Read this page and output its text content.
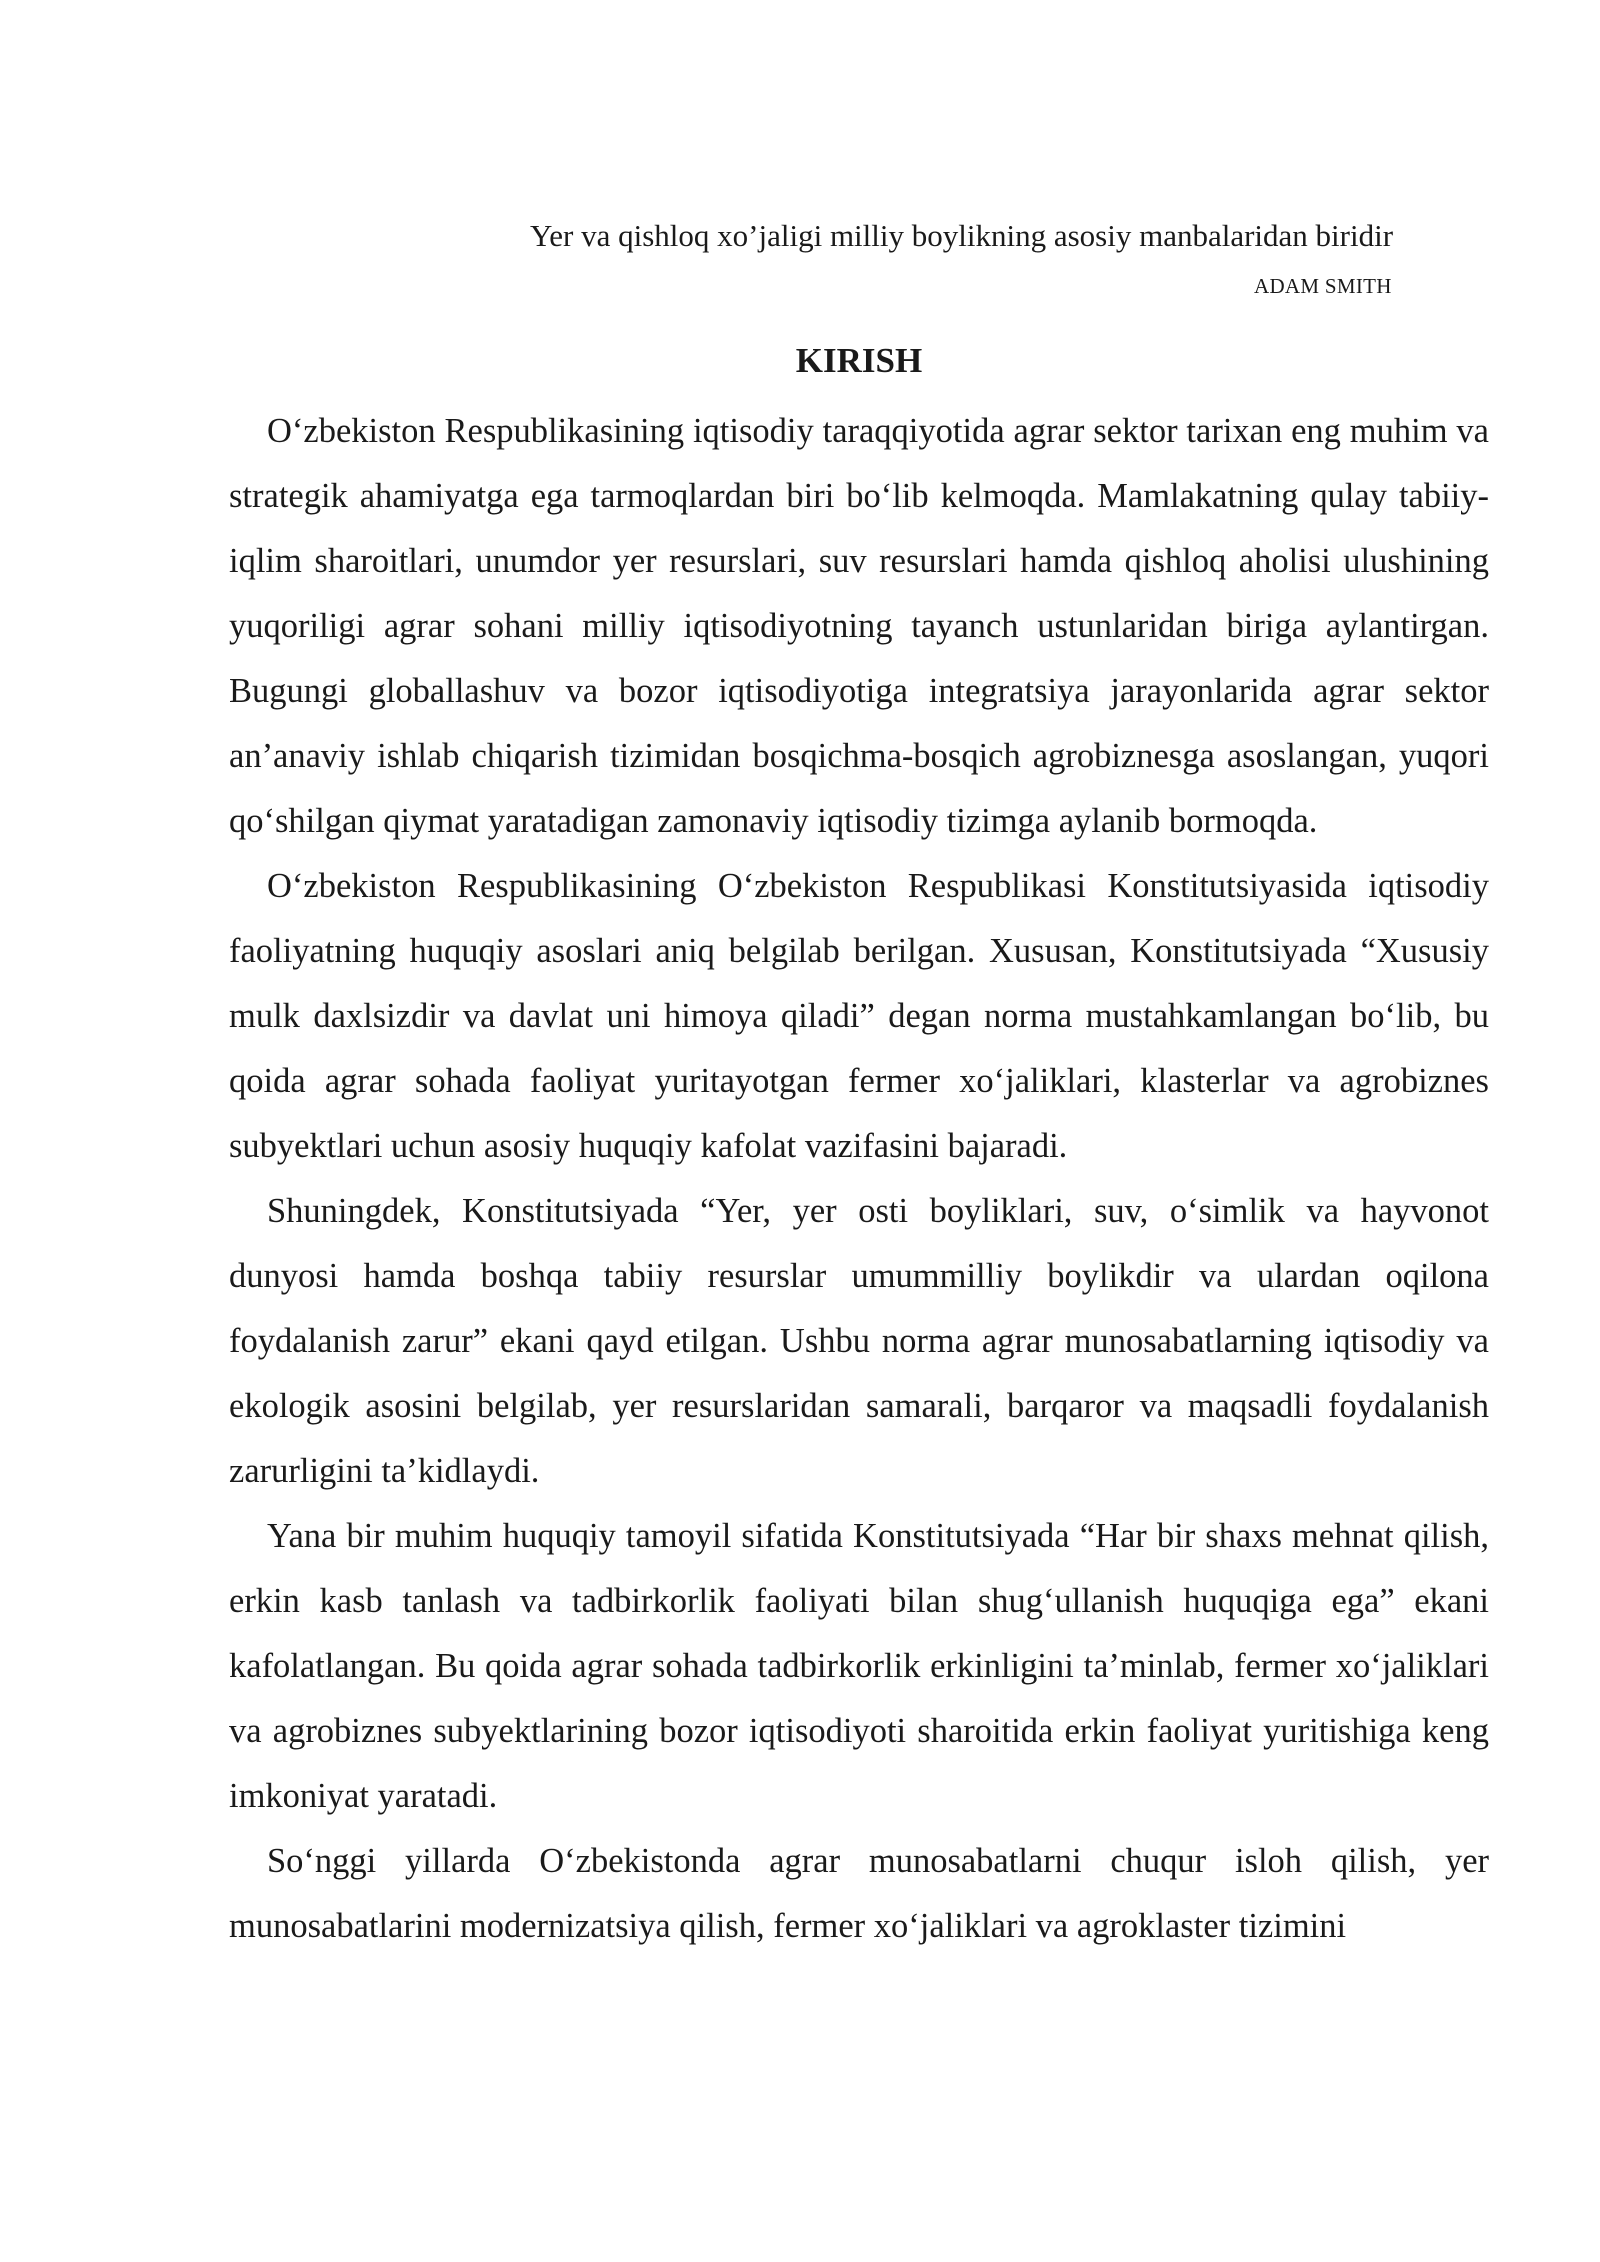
Yer va qishloq xo’jaligi milliy boylikning asosiy manbalaridan biridir
ADAM SMITH
KIRISH

O‘zbekiston Respublikasining iqtisodiy taraqqiyotida agrar sektor tarixan eng muhim va strategik ahamiyatga ega tarmoqlardan biri bo‘lib kelmoqda. Mamlakatning qulay tabiiy-iqlim sharoitlari, unumdor yer resurslari, suv resurslari hamda qishloq aholisi ulushining yuqoriligi agrar sohani milliy iqtisodiyotning tayanch ustunlaridan biriga aylantirgan. Bugungi globallashuv va bozor iqtisodiyotiga integratsiya jarayonlarida agrar sektor an’anaviy ishlab chiqarish tizimidan bosqichma-bosqich agrobiznesga asoslangan, yuqori qo‘shilgan qiymat yaratadigan zamonaviy iqtisodiy tizimga aylanib bormoqda.

O‘zbekiston Respublikasining O‘zbekiston Respublikasi Konstitutsiyasida iqtisodiy faoliyatning huquqiy asoslari aniq belgilab berilgan. Xususan, Konstitutsiyada “Xususiy mulk daxlsizdir va davlat uni himoya qiladi” degan norma mustahkamlangan bo‘lib, bu qoida agrar sohada faoliyat yuritayotgan fermer xo‘jaliklari, klasterlar va agrobiznes subyektlari uchun asosiy huquqiy kafolat vazifasini bajaradi.

Shuningdek, Konstitutsiyada “Yer, yer osti boyliklari, suv, o‘simlik va hayvonot dunyosi hamda boshqa tabiiy resurslar umummilliy boylikdir va ulardan oqilona foydalanish zarur” ekani qayd etilgan. Ushbu norma agrar munosabatlarning iqtisodiy va ekologik asosini belgilab, yer resurslaridan samarali, barqaror va maqsadli foydalanish zarurligini ta’kidlaydi.

Yana bir muhim huquqiy tamoyil sifatida Konstitutsiyada “Har bir shaxs mehnat qilish, erkin kasb tanlash va tadbirkorlik faoliyati bilan shug‘ullanish huquqiga ega” ekani kafolatlangan. Bu qoida agrar sohada tadbirkorlik erkinligini ta’minlab, fermer xo‘jaliklari va agrobiznes subyektlarining bozor iqtisodiyoti sharoitida erkin faoliyat yuritishiga keng imkoniyat yaratadi.

So‘nggi yillarda O‘zbekistonda agrar munosabatlarni chuqur isloh qilish, yer munosabatlarini modernizatsiya qilish, fermer xo‘jaliklari va agroklaster tizimini
